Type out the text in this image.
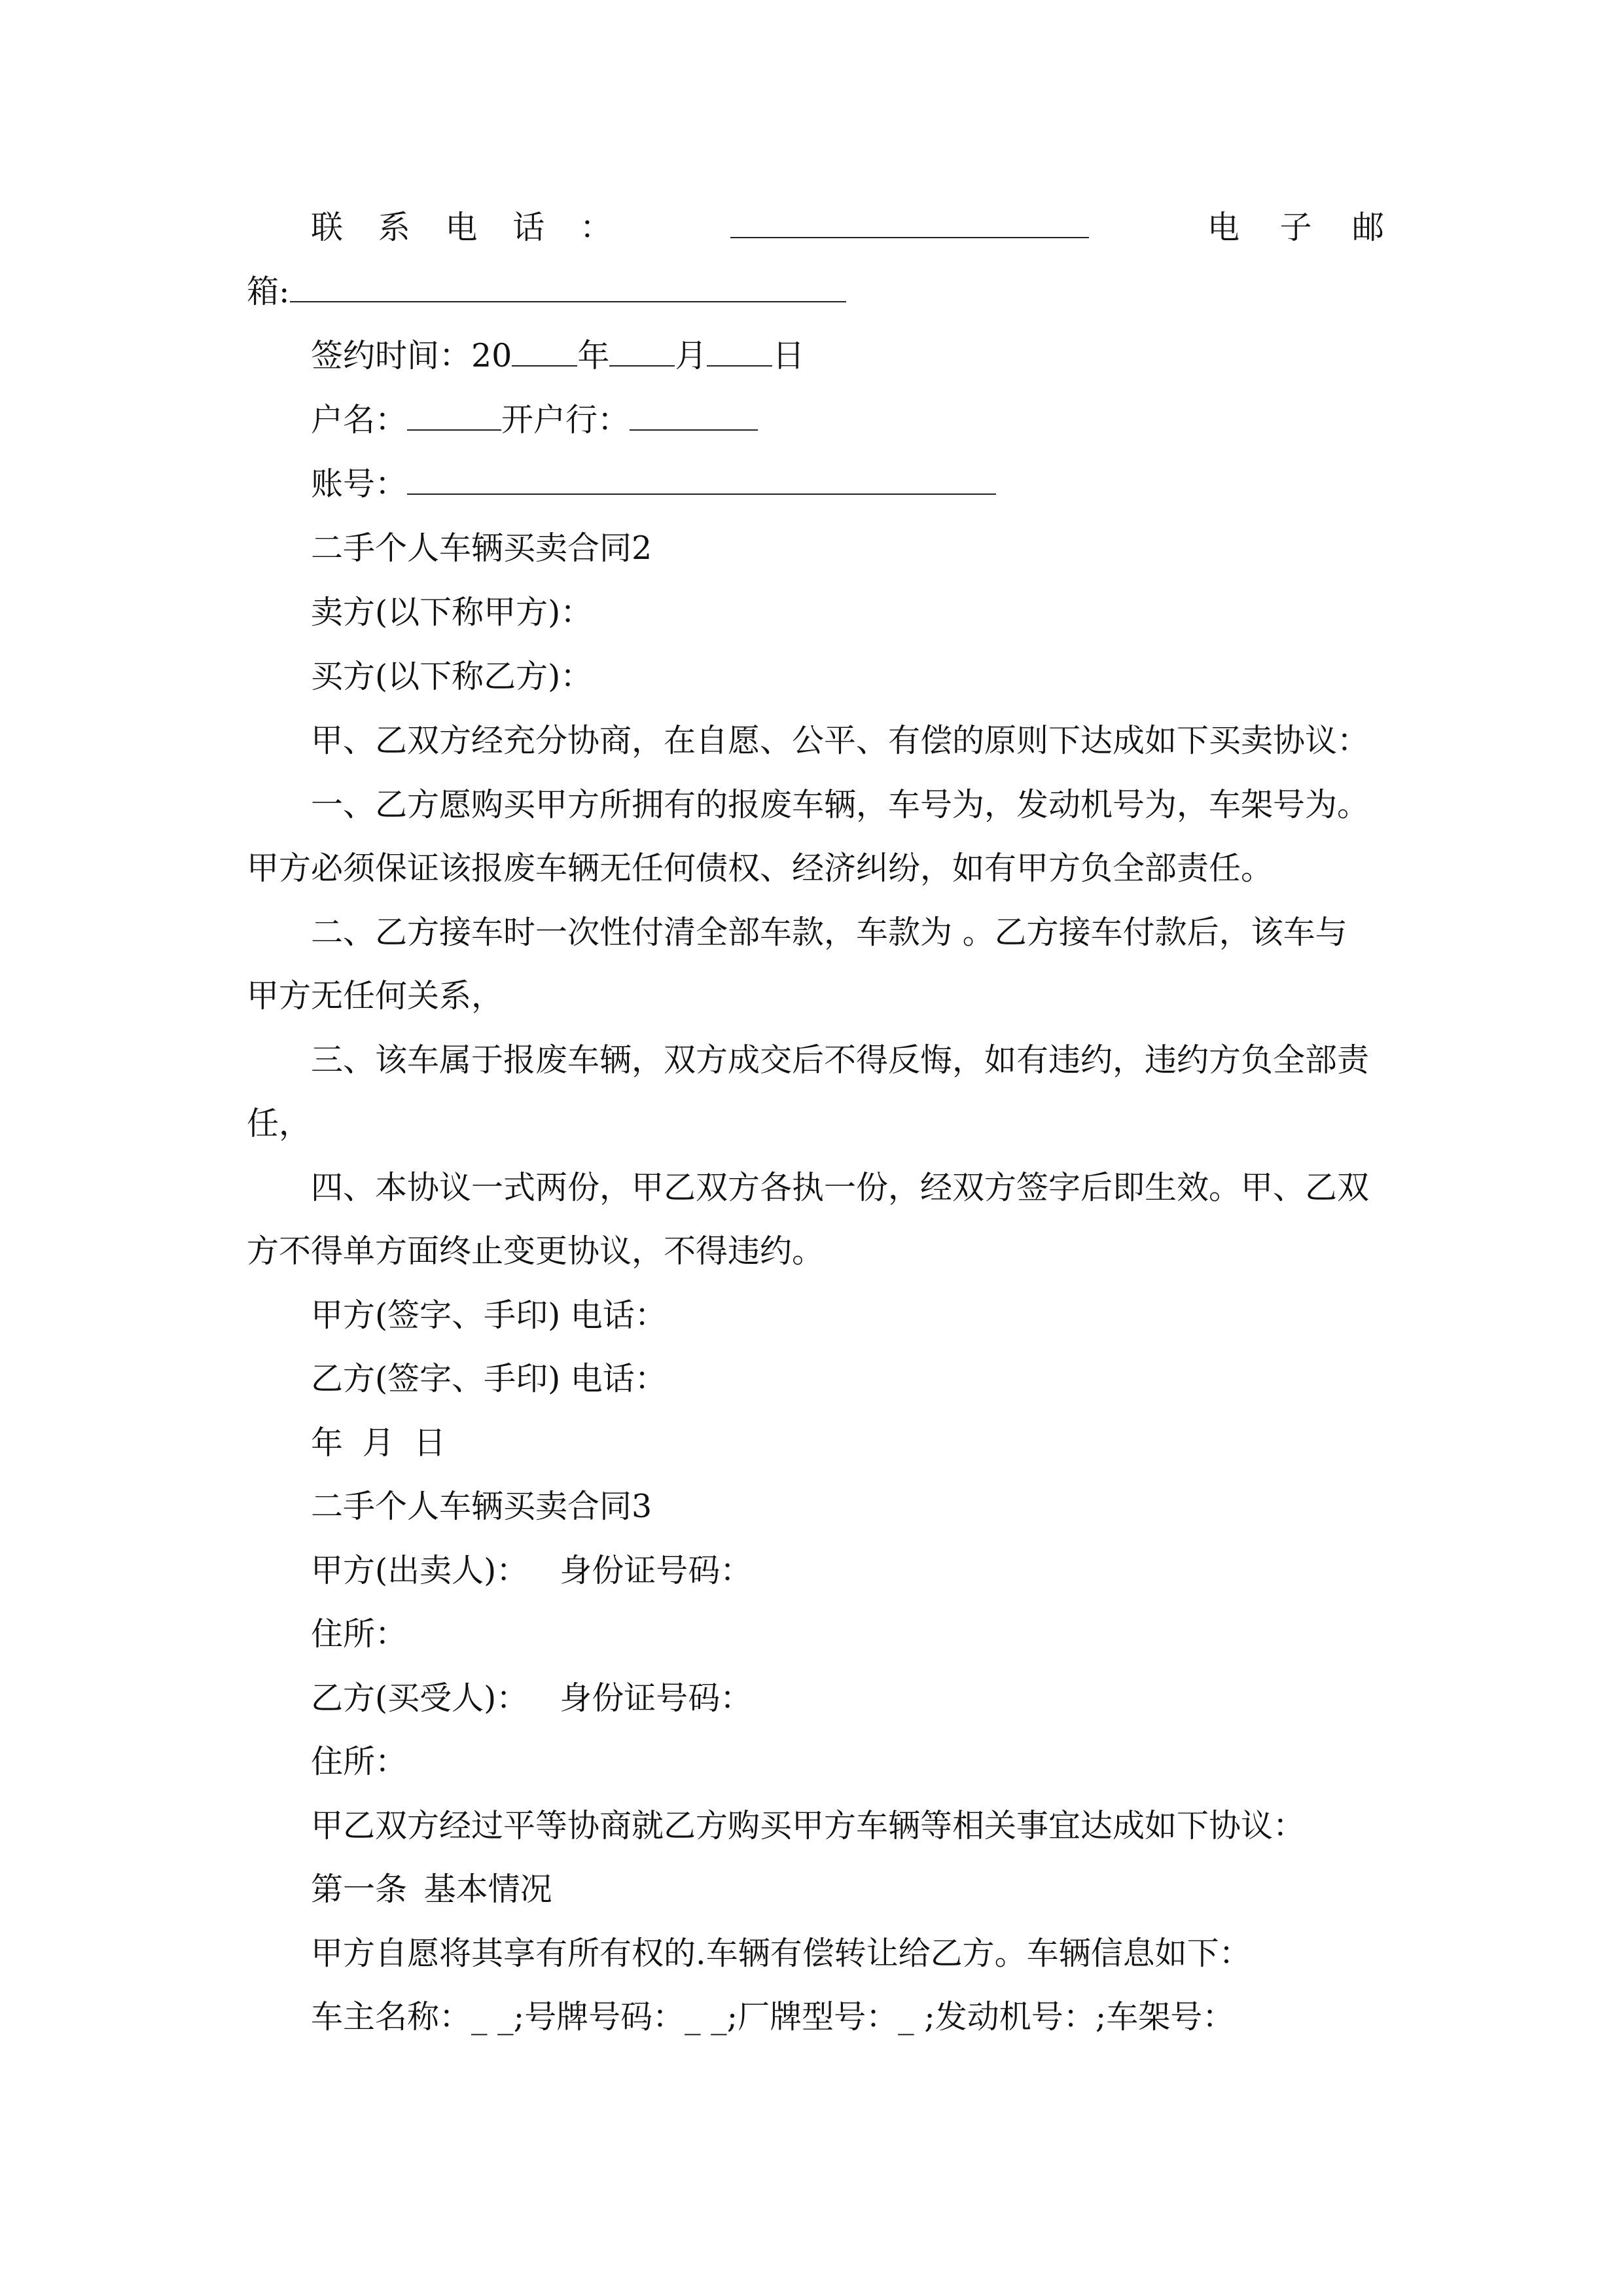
联 系 电 话 ：	电 子 邮
箱:
签约时间：20 年 月 日
户名：	开户行：
账号：
二手个人车辆买卖合同2
卖方(以下称甲方)：
买方(以下称乙方)：
甲、乙双方经充分协商，在自愿、公平、有偿的原则下达成如下买卖协议：
一、乙方愿购买甲方所拥有的报废车辆，车号为，发动机号为，车架号为。
甲方必须保证该报废车辆无任何债权、经济纠纷，如有甲方负全部责任。
二、乙方接车时一次性付清全部车款，车款为 。乙方接车付款后，该车与
甲方无任何关系，
三、该车属于报废车辆，双方成交后不得反悔，如有违约，违约方负全部责
任，
四、本协议一式两份，甲乙双方各执一份，经双方签字后即生效。甲、乙双
方不得单方面终止变更协议，不得违约。
甲方(签字、手印) 电话：
乙方(签字、手印) 电话：
年 月 日
二手个人车辆买卖合同3
甲方(出卖人)： 身份证号码：
住所：
乙方(买受人)： 身份证号码：
住所：
甲乙双方经过平等协商就乙方购买甲方车辆等相关事宜达成如下协议：
第一条 基本情况
甲方自愿将其享有所有权的.车辆有偿转让给乙方。车辆信息如下：
车主名称：_ _;号牌号码：_ _;厂牌型号：_ ;发动机号：;车架号：
